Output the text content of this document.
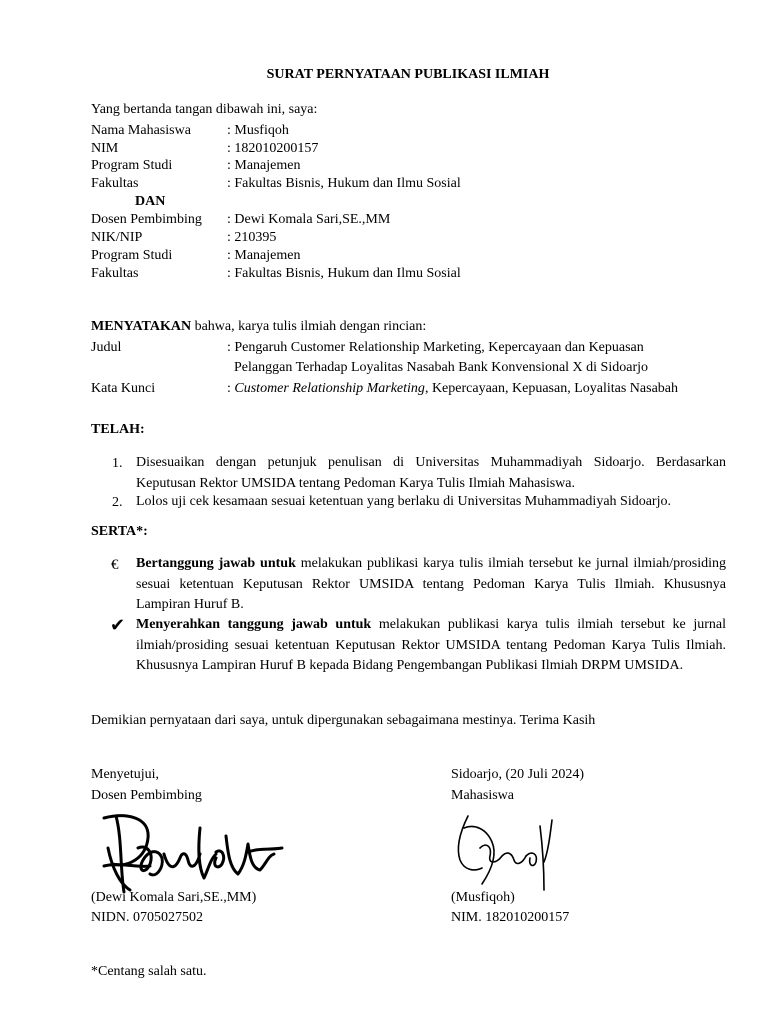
SURAT PERNYATAAN PUBLIKASI ILMIAH
Yang bertanda tangan dibawah ini, saya:
Nama Mahasiswa	: Musfiqoh
NIM	: 182010200157
Program Studi	: Manajemen
Fakultas	: Fakultas Bisnis, Hukum dan Ilmu Sosial
DAN
Dosen Pembimbing : Dewi Komala Sari,SE.,MM
NIK/NIP	: 210395
Program Studi	: Manajemen
Fakultas	: Fakultas Bisnis, Hukum dan Ilmu Sosial
MENYATAKAN bahwa, karya tulis ilmiah dengan rincian:
Judul	: Pengaruh Customer Relationship Marketing, Kepercayaan dan Kepuasan
Pelanggan Terhadap Loyalitas Nasabah Bank Konvensional X di Sidoarjo
Kata Kunci	: Customer Relationship Marketing, Kepercayaan, Kepuasan, Loyalitas Nasabah
TELAH:
1. Disesuaikan dengan petunjuk penulisan di Universitas Muhammadiyah Sidoarjo. Berdasarkan Keputusan Rektor UMSIDA tentang Pedoman Karya Tulis Ilmiah Mahasiswa.
2. Lolos uji cek kesamaan sesuai ketentuan yang berlaku di Universitas Muhammadiyah Sidoarjo.
SERTA*:
€ Bertanggung jawab untuk melakukan publikasi karya tulis ilmiah tersebut ke jurnal ilmiah/prosiding sesuai ketentuan Keputusan Rektor UMSIDA tentang Pedoman Karya Tulis Ilmiah. Khususnya Lampiran Huruf B.
✔ Menyerahkan tanggung jawab untuk melakukan publikasi karya tulis ilmiah tersebut ke jurnal ilmiah/prosiding sesuai ketentuan Keputusan Rektor UMSIDA tentang Pedoman Karya Tulis Ilmiah. Khususnya Lampiran Huruf B kepada Bidang Pengembangan Publikasi Ilmiah DRPM UMSIDA.
Demikian pernyataan dari saya, untuk dipergunakan sebagaimana mestinya. Terima Kasih
Menyetujui,
Dosen Pembimbing
(Dewi Komala Sari,SE.,MM)
NIDN. 0705027502
Sidoarjo, (20 Juli 2024)
Mahasiswa
(Musfiqoh)
NIM. 182010200157
*Centang salah satu.
